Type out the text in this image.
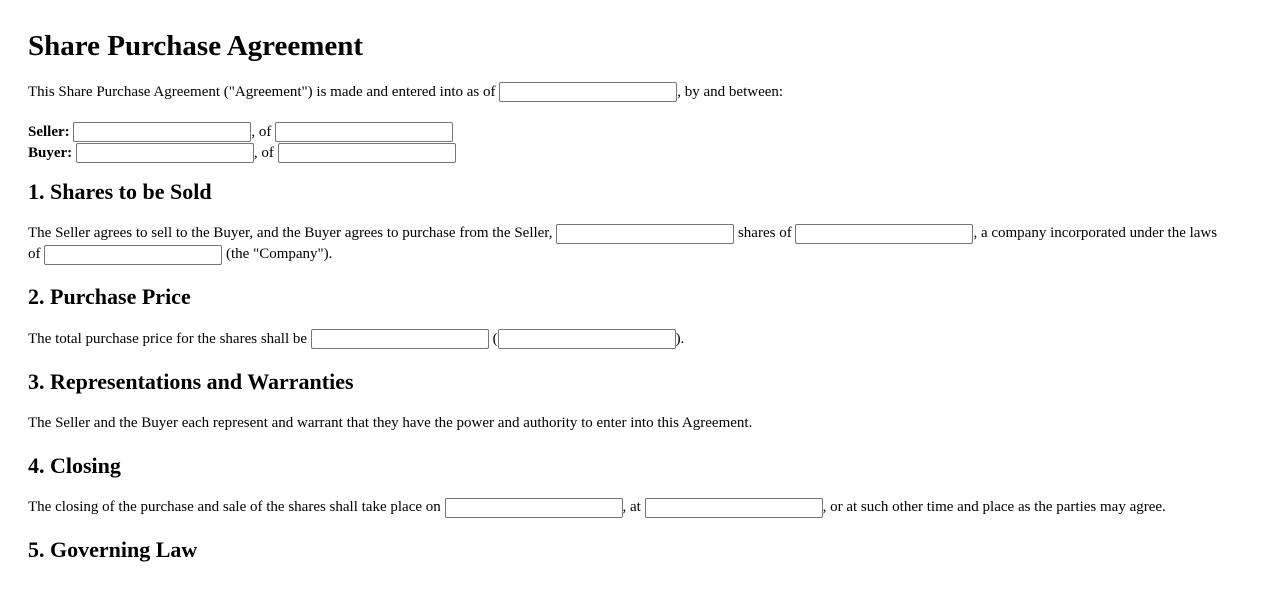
Share Purchase Agreement

This Share Purchase Agreement ("Agreement") is made and entered into as of	, by and between:

Seller:	, of
Buyer:	, of
1. Shares to be Sold

The Seller agrees to sell to the Buyer, and the Buyer agrees to purchase from the Seller,	shares of	, a company incorporated under the laws of	(the "Company").

2. Purchase Price

The total purchase price for the shares shall be	(	).

3. Representations and Warranties

The Seller and the Buyer each represent and warrant that they have the power and authority to enter into this Agreement.

4. Closing

The closing of the purchase and sale of the shares shall take place on	, at	, or at such other time and place as the parties may agree.

5. Governing Law
